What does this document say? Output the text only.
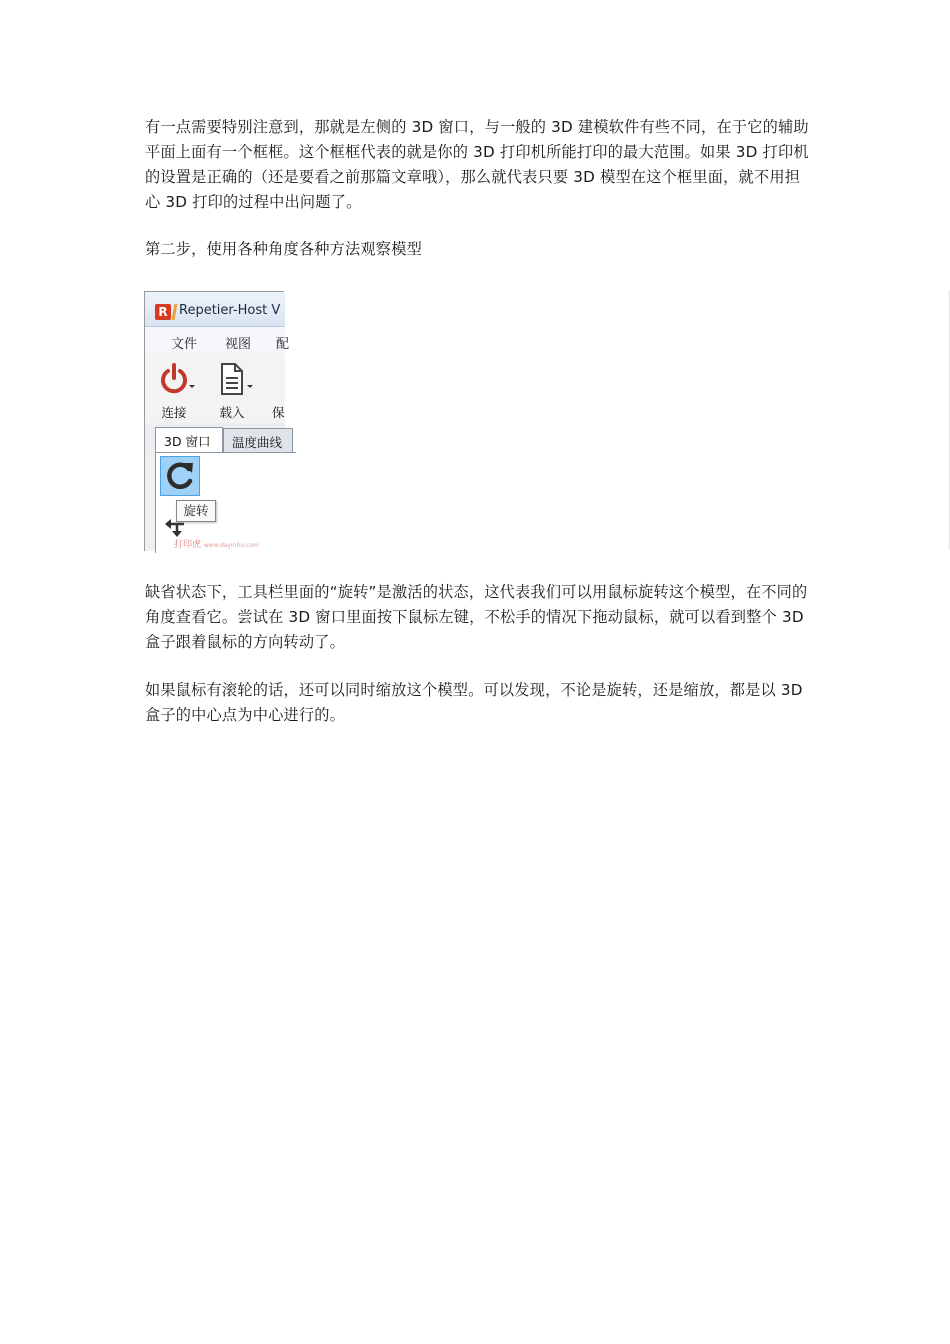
有一点需要特别注意到，那就是左侧的 3D 窗口，与一般的 3D 建模软件有些不同，在于它的辅助平面上面有一个框框。这个框框代表的就是你的 3D 打印机所能打印的最大范围。如果 3D 打印机的设置是正确的（还是要看之前那篇文章哦），那么就代表只要 3D 模型在这个框里面，就不用担心 3D 打印的过程中出问题了。

第二步，使用各种角度各种方法观察模型

R Repetier-Host V
文件 视图 配
连接	载入 保
3D 窗口	温度曲线
旋转
打印虎 www.dayinhu.com

缺省状态下，工具栏里面的“旋转”是激活的状态，这代表我们可以用鼠标旋转这个模型，在不同的角度查看它。尝试在 3D 窗口里面按下鼠标左键，不松手的情况下拖动鼠标，就可以看到整个 3D 盒子跟着鼠标的方向转动了。

如果鼠标有滚轮的话，还可以同时缩放这个模型。可以发现，不论是旋转，还是缩放，都是以 3D 盒子的中心点为中心进行的。
